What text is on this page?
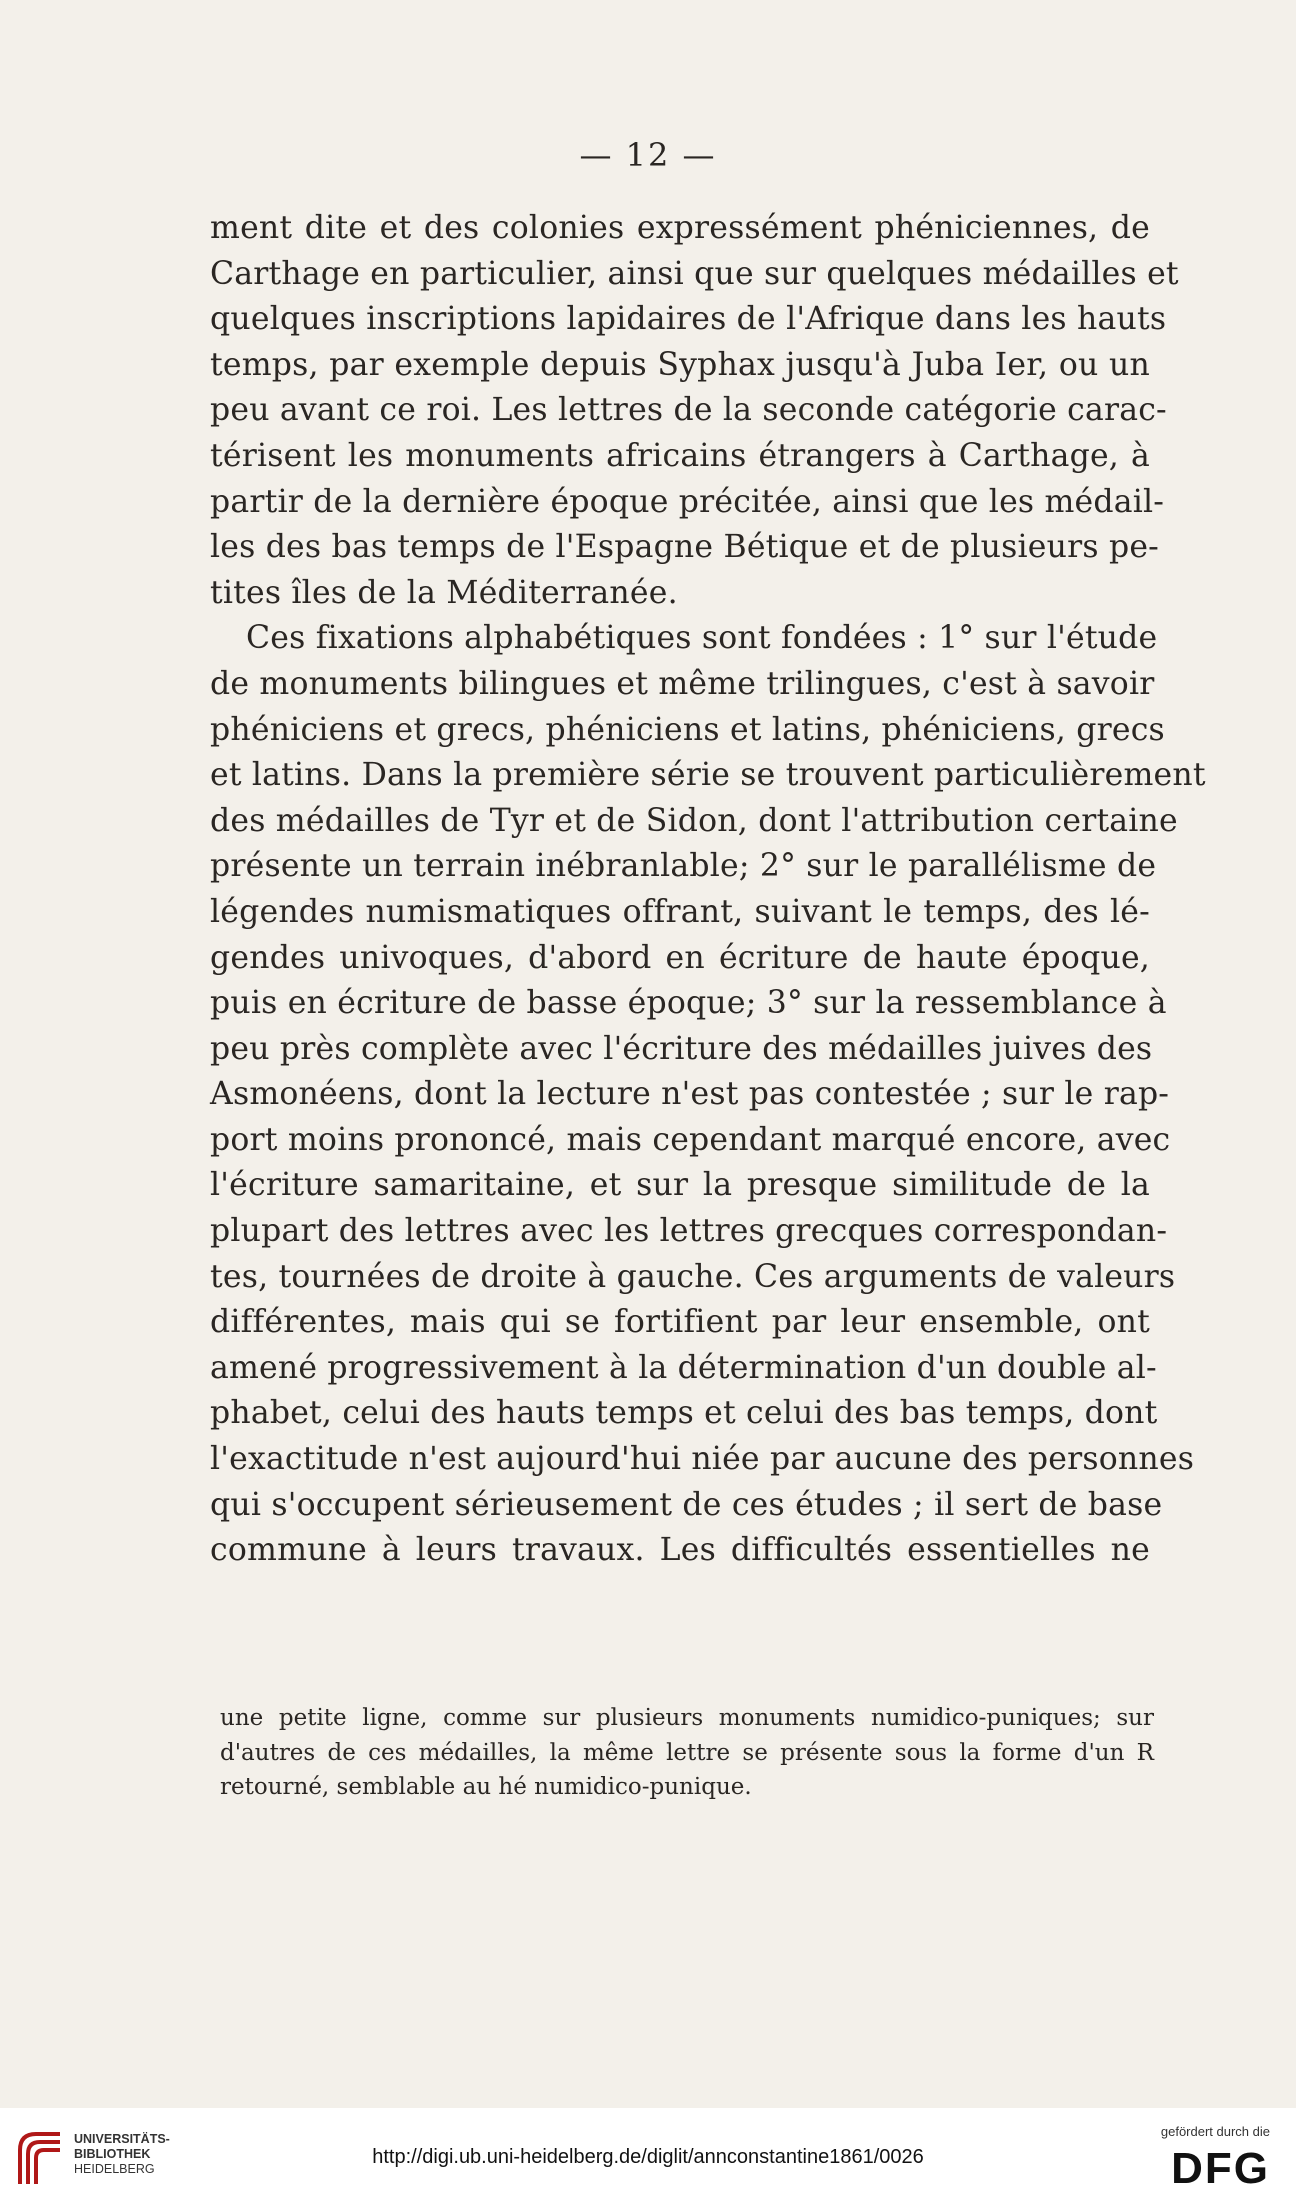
— 12 —
ment dite et des colonies expressément phéniciennes, de
Carthage en particulier, ainsi que sur quelques médailles et
quelques inscriptions lapidaires de l'Afrique dans les hauts
temps, par exemple depuis Syphax jusqu'à Juba Ier, ou un
peu avant ce roi. Les lettres de la seconde catégorie carac-
térisent les monuments africains étrangers à Carthage, à
partir de la dernière époque précitée, ainsi que les médail-
les des bas temps de l'Espagne Bétique et de plusieurs pe-
tites îles de la Méditerranée.
Ces fixations alphabétiques sont fondées : 1° sur l'étude
de monuments bilingues et même trilingues, c'est à savoir
phéniciens et grecs, phéniciens et latins, phéniciens, grecs
et latins. Dans la première série se trouvent particulièrement
des médailles de Tyr et de Sidon, dont l'attribution certaine
présente un terrain inébranlable; 2° sur le parallélisme de
légendes numismatiques offrant, suivant le temps, des lé-
gendes univoques, d'abord en écriture de haute époque,
puis en écriture de basse époque; 3° sur la ressemblance à
peu près complète avec l'écriture des médailles juives des
Asmonéens, dont la lecture n'est pas contestée ; sur le rap-
port moins prononcé, mais cependant marqué encore, avec
l'écriture samaritaine, et sur la presque similitude de la
plupart des lettres avec les lettres grecques correspondan-
tes, tournées de droite à gauche. Ces arguments de valeurs
différentes, mais qui se fortifient par leur ensemble, ont
amené progressivement à la détermination d'un double al-
phabet, celui des hauts temps et celui des bas temps, dont
l'exactitude n'est aujourd'hui niée par aucune des personnes
qui s'occupent sérieusement de ces études ; il sert de base
commune à leurs travaux. Les difficultés essentielles ne
une petite ligne, comme sur plusieurs monuments numidico-puniques; sur
d'autres de ces médailles, la même lettre se présente sous la forme d'un R
retourné, semblable au hé numidico-punique.
UNIVERSITÄTS-
BIBLIOTHEK
HEIDELBERG
http://digi.ub.uni-heidelberg.de/diglit/annconstantine1861/0026
gefördert durch die
DFG
